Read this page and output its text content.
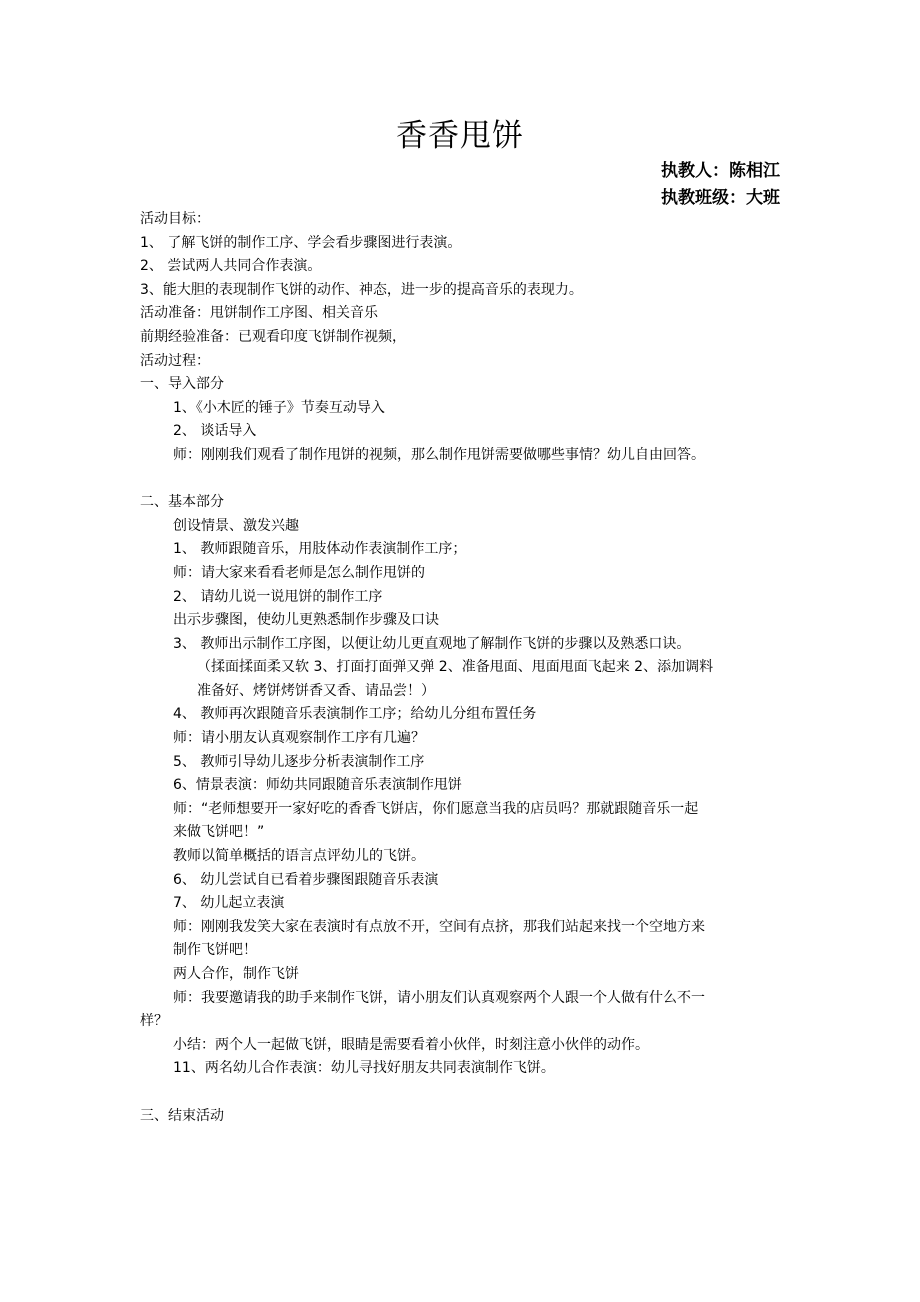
香香甩饼
执教人：陈相江
执教班级：大班
活动目标：
1、 了解飞饼的制作工序、学会看步骤图进行表演。
2、 尝试两人共同合作表演。
3、能大胆的表现制作飞饼的动作、神态，进一步的提高音乐的表现力。
活动准备：甩饼制作工序图、相关音乐
前期经验准备：已观看印度飞饼制作视频，
活动过程：
一、导入部分
1、《小木匠的锤子》节奏互动导入
2、 谈话导入
师：刚刚我们观看了制作甩饼的视频，那么制作甩饼需要做哪些事情？幼儿自由回答。
二、基本部分
创设情景、激发兴趣
1、 教师跟随音乐，用肢体动作表演制作工序；
师：请大家来看看老师是怎么制作甩饼的
2、 请幼儿说一说甩饼的制作工序
出示步骤图，使幼儿更熟悉制作步骤及口诀
3、 教师出示制作工序图，以便让幼儿更直观地了解制作飞饼的步骤以及熟悉口诀。
（揉面揉面柔又软 3、打面打面弹又弹 2、准备甩面、甩面甩面飞起来 2、添加调料
准备好、烤饼烤饼香又香、请品尝！）
4、 教师再次跟随音乐表演制作工序；给幼儿分组布置任务
师：请小朋友认真观察制作工序有几遍？
5、 教师引导幼儿逐步分析表演制作工序
6、情景表演：师幼共同跟随音乐表演制作甩饼
师：“老师想要开一家好吃的香香飞饼店，你们愿意当我的店员吗？那就跟随音乐一起
来做飞饼吧！”
教师以简单概括的语言点评幼儿的飞饼。
6、 幼儿尝试自已看着步骤图跟随音乐表演
7、 幼儿起立表演
师：刚刚我发笑大家在表演时有点放不开，空间有点挤，那我们站起来找一个空地方来
制作飞饼吧！
两人合作，制作飞饼
师：我要邀请我的助手来制作飞饼，请小朋友们认真观察两个人跟一个人做有什么不一
样？
小结：两个人一起做飞饼，眼睛是需要看着小伙伴，时刻注意小伙伴的动作。
11、两名幼儿合作表演：幼儿寻找好朋友共同表演制作飞饼。
三、结束活动
